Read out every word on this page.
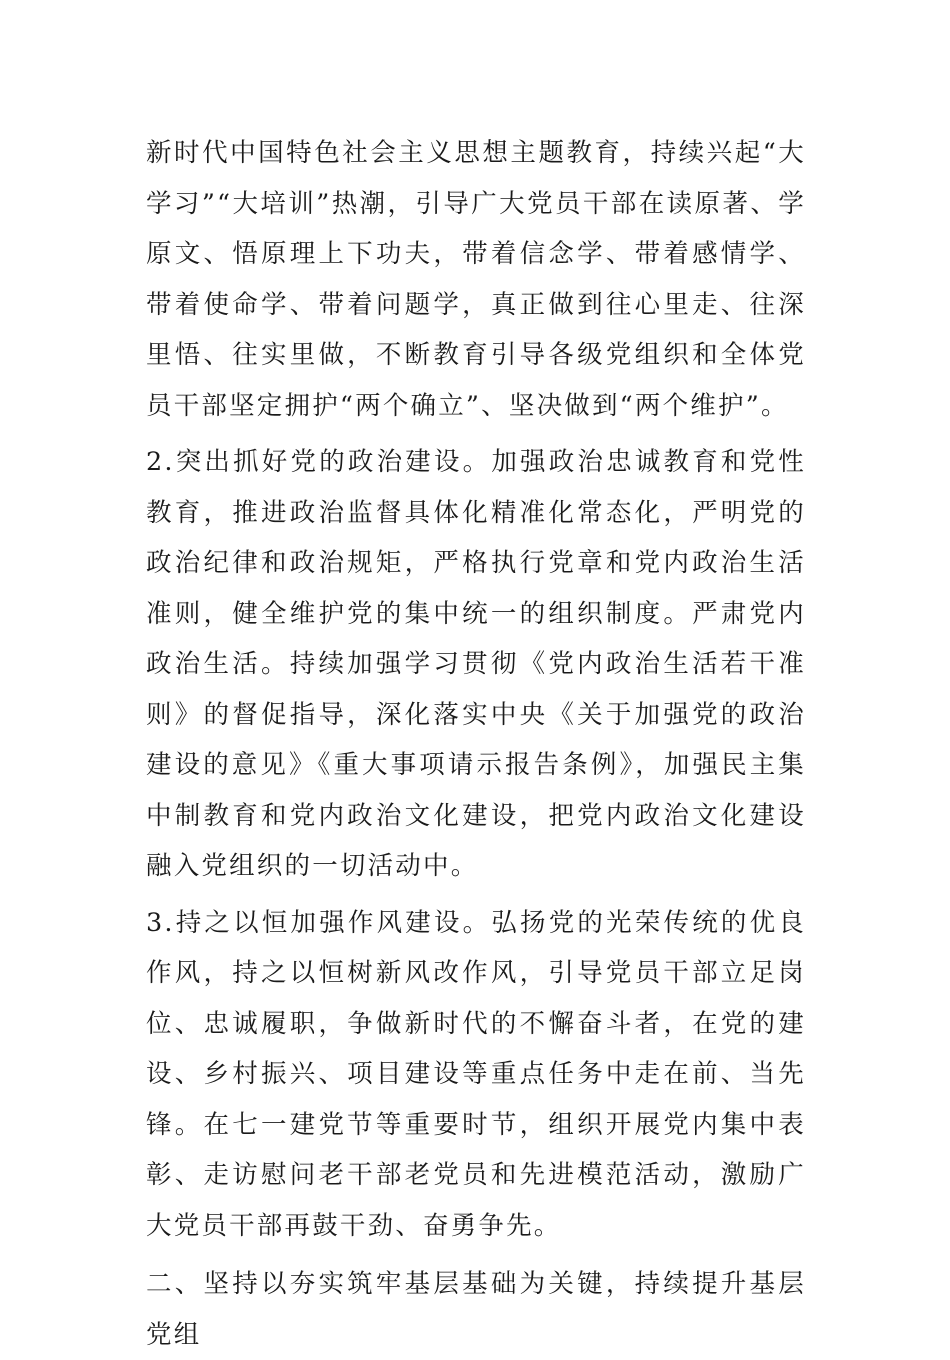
新时代中国特色社会主义思想主题教育，持续兴起“大学习”“大培训”热潮，引导广大党员干部在读原著、学原文、悟原理上下功夫，带着信念学、带着感情学、带着使命学、带着问题学，真正做到往心里走、往深里悟、往实里做，不断教育引导各级党组织和全体党员干部坚定拥护“两个确立”、坚决做到“两个维护”。

2.突出抓好党的政治建设。加强政治忠诚教育和党性教育，推进政治监督具体化精准化常态化，严明党的政治纪律和政治规矩，严格执行党章和党内政治生活准则，健全维护党的集中统一的组织制度。严肃党内政治生活。持续加强学习贯彻《党内政治生活若干准则》的督促指导，深化落实中央《关于加强党的政治建设的意见》《重大事项请示报告条例》，加强民主集中制教育和党内政治文化建设，把党内政治文化建设融入党组织的一切活动中。

3.持之以恒加强作风建设。弘扬党的光荣传统的优良作风，持之以恒树新风改作风，引导党员干部立足岗位、忠诚履职，争做新时代的不懈奋斗者，在党的建设、乡村振兴、项目建设等重点任务中走在前、当先锋。在七一建党节等重要时节，组织开展党内集中表彰、走访慰问老干部老党员和先进模范活动，激励广大党员干部再鼓干劲、奋勇争先。

二、坚持以夯实筑牢基层基础为关键，持续提升基层党组
